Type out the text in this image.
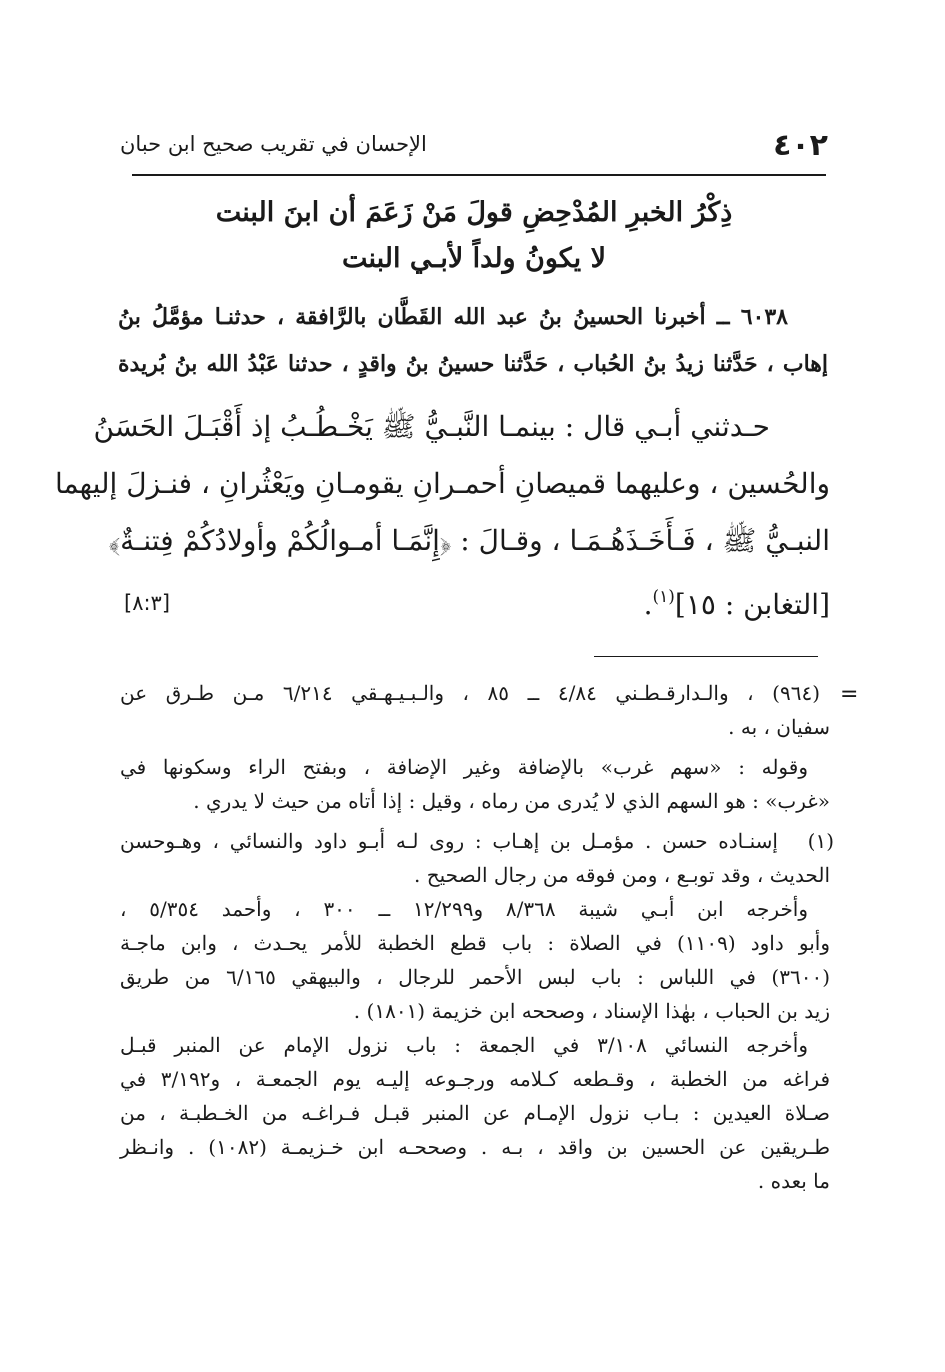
٤٠٢
الإحسان في تقريب صحيح ابن حبان
ذِكْرُ الخبرِ المُدْحِضِ قولَ مَنْ زَعَمَ أن ابنَ البنت
لا يكونُ ولداً لأبـي البنت
٦٠٣٨ ــ أخبرنا الحسينُ بنُ عبد الله القَطَّان بالرَّافقة ، حدثنـا مؤمَّلُ بنُ
إهاب ، حَدَّثنا زيدُ بنُ الحُباب ، حَدَّثنا حسينُ بنُ واقدٍ ، حدثنا عَبْدُ الله بنُ بُريدة
حـدثني أبـي قال : بينمـا النَّبـيُّ ﷺ يَخْـطُـبُ إذ أَقْبَـلَ الحَسَنُ
والحُسين ، وعليهما قميصانِ أحمـرانِ يقومـانِ ويَعْثُرانِ ، فنـزلَ إليهما
النبـيُّ ﷺ ، فَـأَخَـذَهُـمَـا ، وقـالَ : ﴿إِنَّمَـا أمـوالُكُمْ وأولادُكُمْ فِتنـةٌ﴾
[التغابن : ١٥]$^{(١)}$.
[٨:٣]
=
(٩٦٤) ، والـدارقـطـني ٤/٨٤ ــ ٨٥ ، والـبـيـهـقي ٦/٢١٤ مـن طـرق عن
سفيان ، به .
وقوله : «سهم غرب» بالإضافة وغير الإضافة ، وبفتح الراء وسكونها في
«غرب» : هو السهم الذي لا يُدرى من رماه ، وقيل : إذا أتاه من حيث لا يدري .
(١)
إسنـاده حسن . مؤمـل بن إهـاب : روى لـه أبـو داود والنسائي ، وهـوحسن
الحديث ، وقد توبـع ، ومن فوقه من رجال الصحيح .
وأخرجه ابن أبـي شيبة ٨/٣٦٨ و١٢/٢٩٩ ــ ٣٠٠ ، وأحمد ٥/٣٥٤ ،
وأبو داود (١١٠٩) في الصلاة : باب قطع الخطبة للأمر يحـدث ، وابن ماجـة
(٣٦٠٠) في اللباس : باب لبس الأحمر للرجال ، والبيهقي ٦/١٦٥ من طريق
زيد بن الحباب ، بهٰذا الإسناد ، وصححه ابن خزيمة (١٨٠١) .
وأخرجه النسائي ٣/١٠٨ في الجمعة : باب نزول الإمام عن المنبر قبـل
فراغه من الخطبة ، وقـطعه كـلامه ورجـوعه إليـه يوم الجمعـة ، و٣/١٩٢ في
صـلاة العيدين : بـاب نزول الإمـام عن المنبر قبـل فـراغـه من الخـطبـة ، من
طـريقين عن الحسين بن واقد ، بـه . وصححـه ابن خـزيمـة (١٠٨٢) . وانـظر
ما بعده .
